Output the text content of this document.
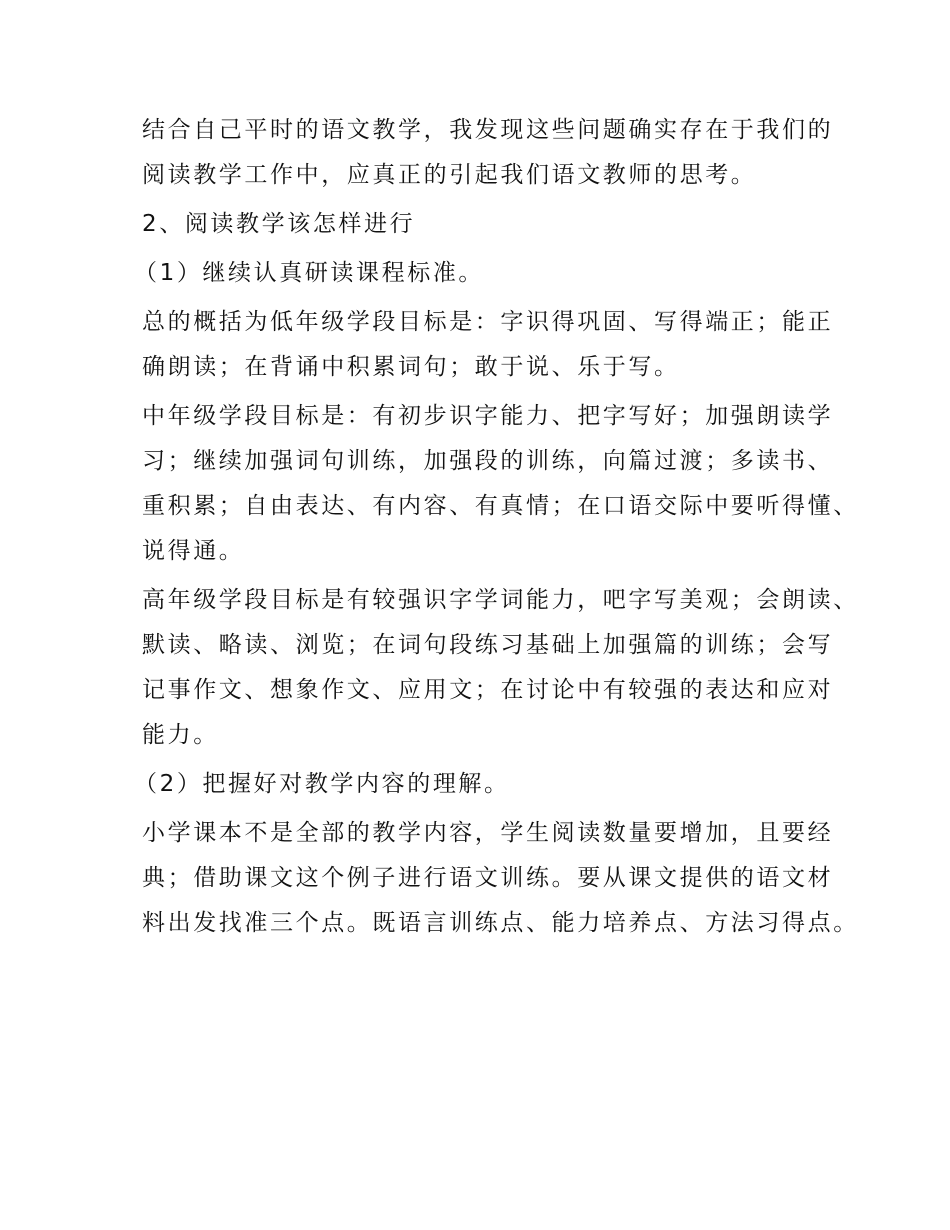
结合自己平时的语文教学，我发现这些问题确实存在于我们的
阅读教学工作中，应真正的引起我们语文教师的思考。
2、阅读教学该怎样进行
（1）继续认真研读课程标准。
总的概括为低年级学段目标是：字识得巩固、写得端正；能正
确朗读；在背诵中积累词句；敢于说、乐于写。
中年级学段目标是：有初步识字能力、把字写好；加强朗读学
习；继续加强词句训练，加强段的训练，向篇过渡；多读书、
重积累；自由表达、有内容、有真情；在口语交际中要听得懂、
说得通。
高年级学段目标是有较强识字学词能力，吧字写美观；会朗读、
默读、略读、浏览；在词句段练习基础上加强篇的训练；会写
记事作文、想象作文、应用文；在讨论中有较强的表达和应对
能力。
（2）把握好对教学内容的理解。
小学课本不是全部的教学内容，学生阅读数量要增加，且要经
典；借助课文这个例子进行语文训练。要从课文提供的语文材
料出发找准三个点。既语言训练点、能力培养点、方法习得点。
